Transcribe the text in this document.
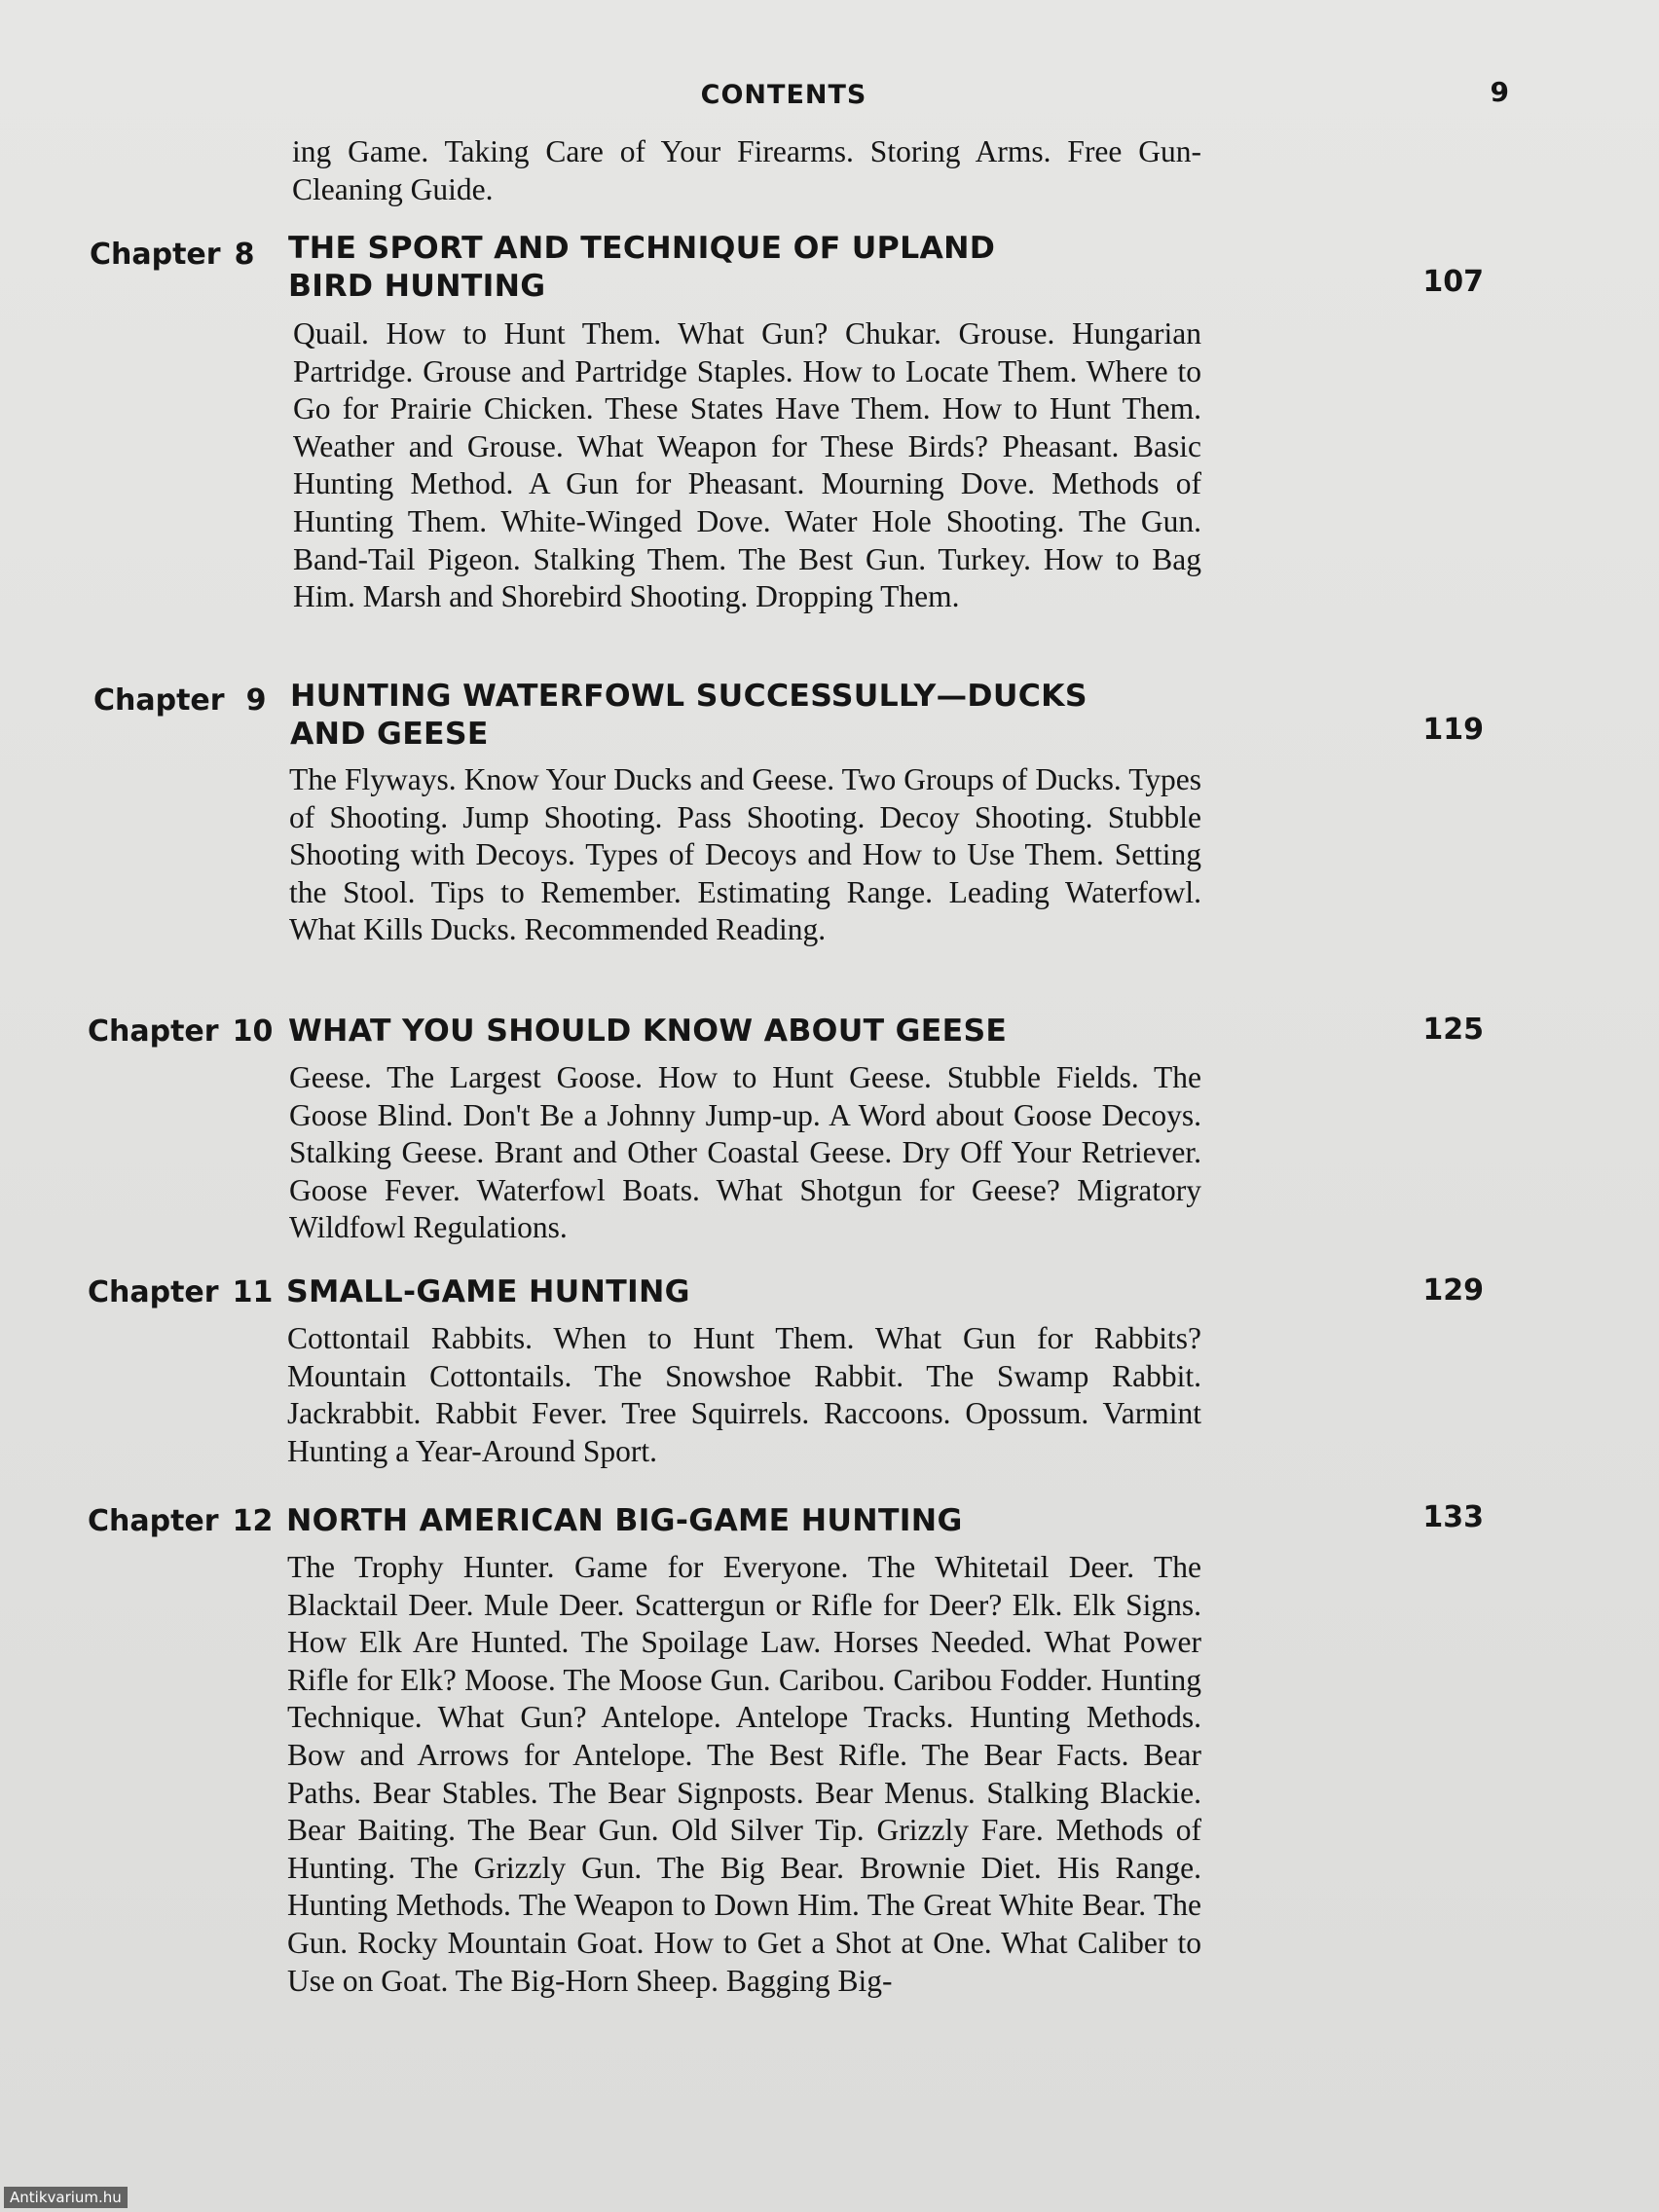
CONTENTS	9
ing Game. Taking Care of Your Firearms. Storing Arms. Free Gun-Cleaning Guide.
Chapter 8	THE SPORT AND TECHNIQUE OF UPLAND BIRD HUNTING	107
Quail. How to Hunt Them. What Gun? Chukar. Grouse. Hungarian Partridge. Grouse and Partridge Staples. How to Locate Them. Where to Go for Prairie Chicken. These States Have Them. How to Hunt Them. Weather and Grouse. What Weapon for These Birds? Pheasant. Basic Hunting Method. A Gun for Pheasant. Mourning Dove. Methods of Hunting Them. White-Winged Dove. Water Hole Shooting. The Gun. Band-Tail Pigeon. Stalking Them. The Best Gun. Turkey. How to Bag Him. Marsh and Shorebird Shooting. Dropping Them.
Chapter 9 HUNTING WATERFOWL SUCCESSULLY—DUCKS AND GEESE	119
The Flyways. Know Your Ducks and Geese. Two Groups of Ducks. Types of Shooting. Jump Shooting. Pass Shooting. Decoy Shooting. Stubble Shooting with Decoys. Types of Decoys and How to Use Them. Setting the Stool. Tips to Remember. Estimating Range. Leading Waterfowl. What Kills Ducks. Recommended Reading.
Chapter 10 WHAT YOU SHOULD KNOW ABOUT GEESE	125
Geese. The Largest Goose. How to Hunt Geese. Stubble Fields. The Goose Blind. Don't Be a Johnny Jump-up. A Word about Goose Decoys. Stalking Geese. Brant and Other Coastal Geese. Dry Off Your Retriever. Goose Fever. Waterfowl Boats. What Shotgun for Geese? Migratory Wildfowl Regulations.
Chapter 11 SMALL-GAME HUNTING	129
Cottontail Rabbits. When to Hunt Them. What Gun for Rabbits? Mountain Cottontails. The Snowshoe Rabbit. The Swamp Rabbit. Jackrabbit. Rabbit Fever. Tree Squirrels. Raccoons. Opossum. Varmint Hunting a Year-Around Sport.
Chapter 12 NORTH AMERICAN BIG-GAME HUNTING	133
The Trophy Hunter. Game for Everyone. The Whitetail Deer. The Blacktail Deer. Mule Deer. Scattergun or Rifle for Deer? Elk. Elk Signs. How Elk Are Hunted. The Spoilage Law. Horses Needed. What Power Rifle for Elk? Moose. The Moose Gun. Caribou. Caribou Fodder. Hunting Technique. What Gun? Antelope. Antelope Tracks. Hunting Methods. Bow and Arrows for Antelope. The Best Rifle. The Bear Facts. Bear Paths. Bear Stables. The Bear Signposts. Bear Menus. Stalking Blackie. Bear Baiting. The Bear Gun. Old Silver Tip. Grizzly Fare. Methods of Hunting. The Grizzly Gun. The Big Bear. Brownie Diet. His Range. Hunting Methods. The Weapon to Down Him. The Great White Bear. The Gun. Rocky Mountain Goat. How to Get a Shot at One. What Caliber to Use on Goat. The Big-Horn Sheep. Bagging Big-
Antikvarium.hu
